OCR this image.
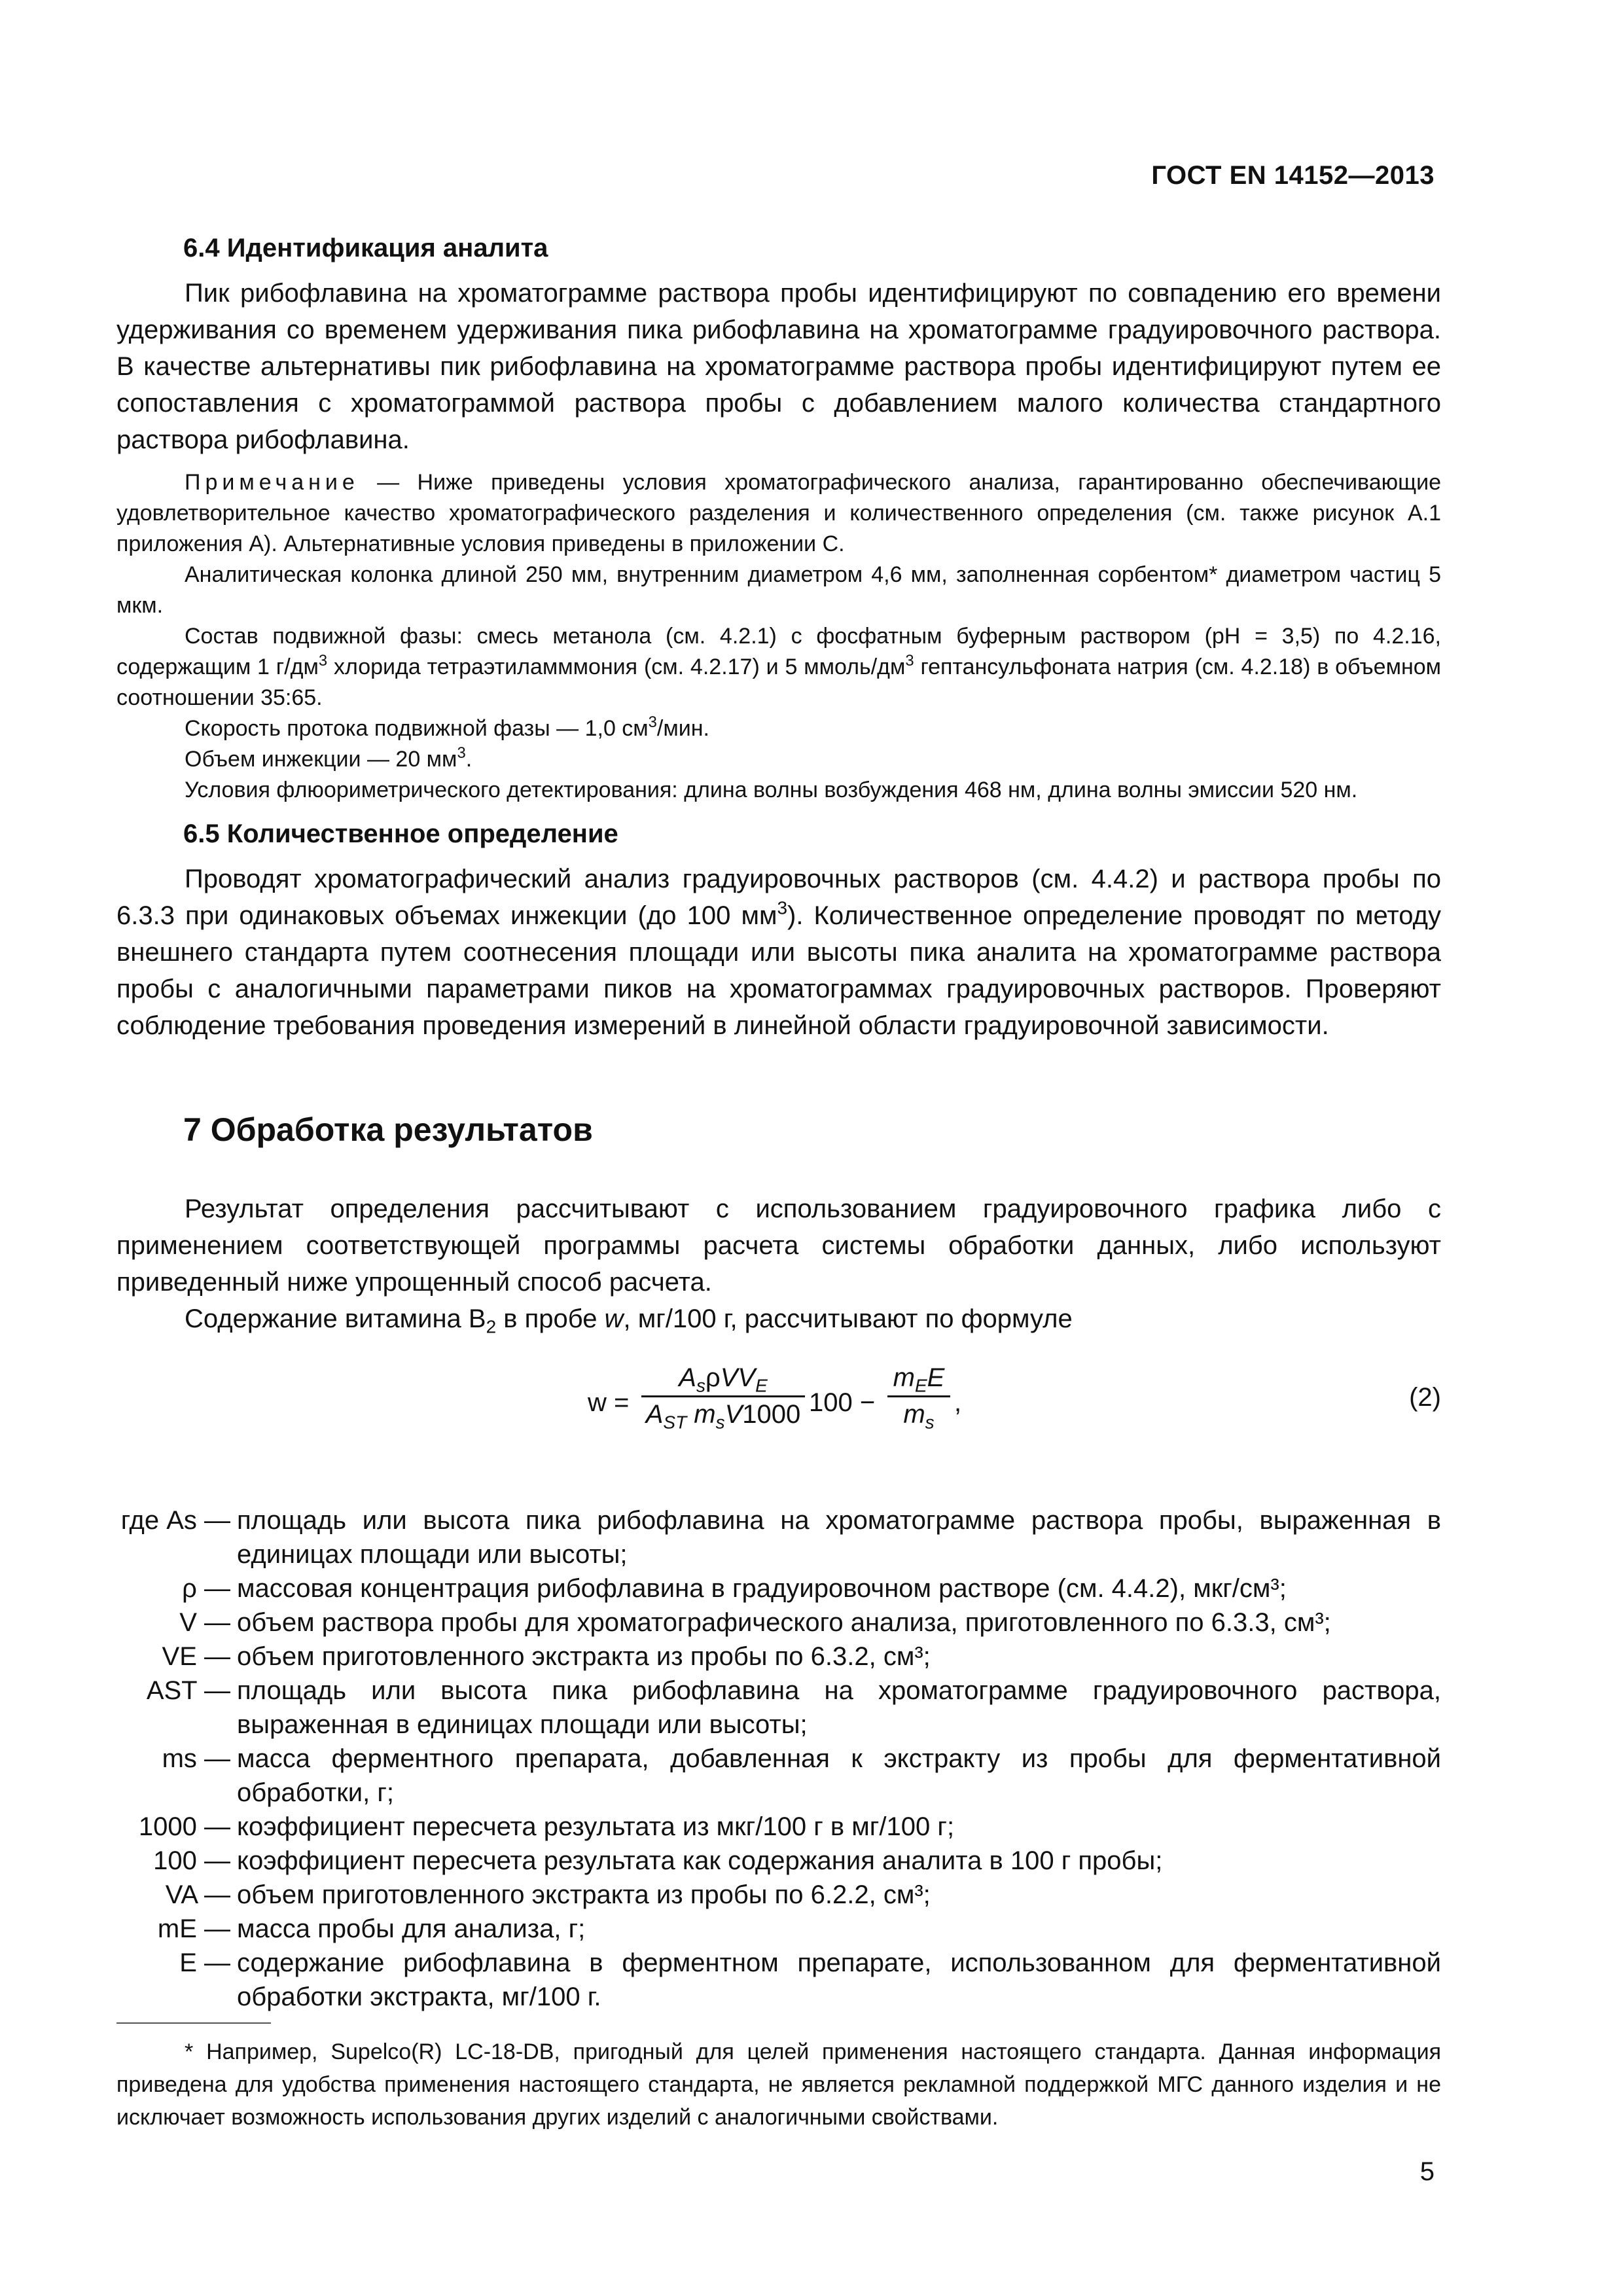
ГОСТ EN 14152—2013
6.4 Идентификация аналита

Пик рибофлавина на хроматограмме раствора пробы идентифицируют по совпадению его времени удерживания со временем удерживания пика рибофлавина на хроматограмме градуировочного раствора. В качестве альтернативы пик рибофлавина на хроматограмме раствора пробы идентифицируют путем ее сопоставления с хроматограммой раствора пробы с добавлением малого количества стандартного раствора рибофлавина.

Примечание — Ниже приведены условия хроматографического анализа, гарантированно обеспечивающие удовлетворительное качество хроматографического разделения и количественного определения (см. также рисунок А.1 приложения А). Альтернативные условия приведены в приложении С.

Аналитическая колонка длиной 250 мм, внутренним диаметром 4,6 мм, заполненная сорбентом* диаметром частиц 5 мкм.

Состав подвижной фазы: смесь метанола (см. 4.2.1) с фосфатным буферным раствором (pH = 3,5) по 4.2.16, содержащим 1 $г/дм^3$ хлорида тетраэтиламммония (см. 4.2.17) и 5 ммоль/$дм^3$ гептансульфоната натрия (см. 4.2.18) в объемном соотношении 35:65.

Скорость протока подвижной фазы — 1,0 $см^3$/мин.

Объем инжекции — 20 $мм^3$.

Условия флюориметрического детектирования: длина волны возбуждения 468 нм, длина волны эмиссии 520 нм.

6.5 Количественное определение

Проводят хроматографический анализ градуировочных растворов (см. 4.4.2) и раствора пробы по 6.3.3 при одинаковых объемах инжекции (до 100 $мм^3$). Количественное определение проводят по методу внешнего стандарта путем соотнесения площади или высоты пика аналита на хроматограмме раствора пробы с аналогичными параметрами пиков на хроматограммах градуировочных растворов. Проверяют соблюдение требования проведения измерений в линейной области градуировочной зависимости.

7 Обработка результатов

Результат определения рассчитывают с использованием градуировочного графика либо с применением соответствующей программы расчета системы обработки данных, либо используют приведенный ниже упрощенный способ расчета.

Содержание витамина $B_2$ в пробе w, мг/100 г, рассчитывают по формуле

w =
$A_s\rho VV_E$
$A_{ST}$ $m_sV1000$ 100 −
$m_EE$
$m_s$
,	(2)
где As — площадь или высота пика рибофлавина на хроматограмме раствора пробы, выраженная в единицах площади или высоты;
ρ — массовая концентрация рибофлавина в градуировочном растворе (см. 4.4.2), мкг/см³;
V — объем раствора пробы для хроматографического анализа, приготовленного по 6.3.3, см³;
VE — объем приготовленного экстракта из пробы по 6.3.2, см³;
AST — площадь или высота пика рибофлавина на хроматограмме градуировочного раствора, выраженная в единицах площади или высоты;
ms — масса ферментного препарата, добавленная к экстракту из пробы для ферментативной обработки, г;
1000 — коэффициент пересчета результата из мкг/100 г в мг/100 г;
100 — коэффициент пересчета результата как содержания аналита в 100 г пробы;
VA — объем приготовленного экстракта из пробы по 6.2.2, см³;
mE — масса пробы для анализа, г;
E — содержание рибофлавина в ферментном препарате, использованном для ферментативной обработки экстракта, мг/100 г.
* Например, Supelco(R) LC-18-DB, пригодный для целей применения настоящего стандарта. Данная информация приведена для удобства применения настоящего стандарта, не является рекламной поддержкой МГС данного изделия и не исключает возможность использования других изделий с аналогичными свойствами.
5
